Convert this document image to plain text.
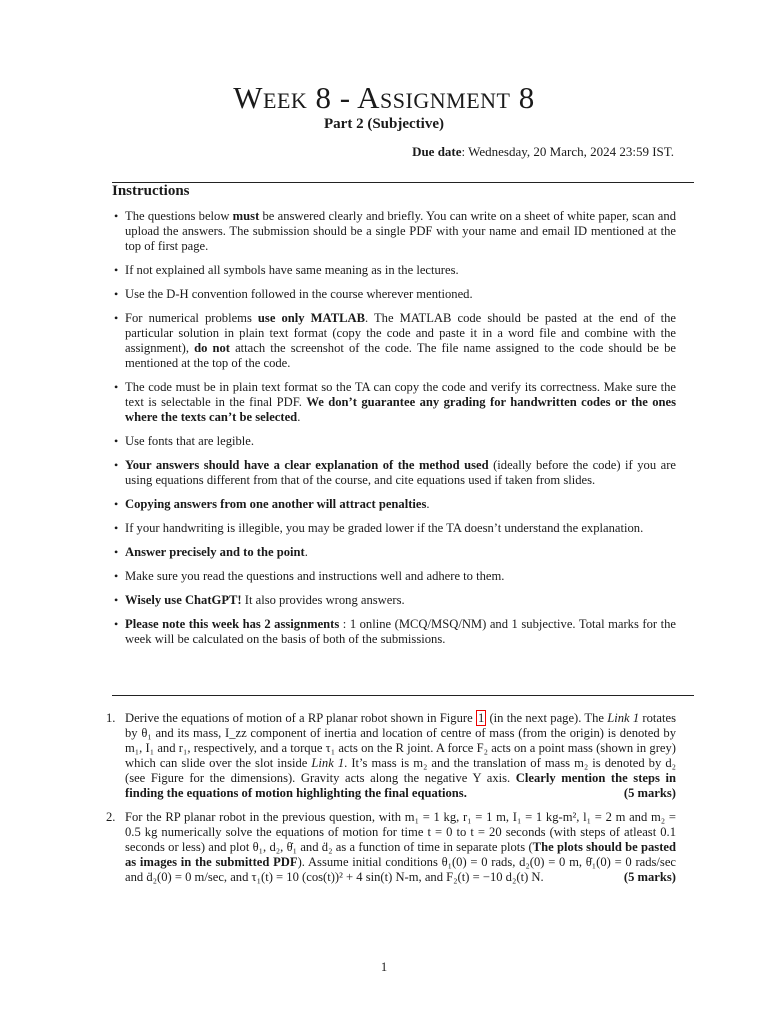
Week 8 - Assignment 8
Part 2 (Subjective)
Due date: Wednesday, 20 March, 2024 23:59 IST.
Instructions
• The questions below must be answered clearly and briefly. You can write on a sheet of white paper, scan and upload the answers. The submission should be a single PDF with your name and email ID mentioned at the top of first page.
• If not explained all symbols have same meaning as in the lectures.
• Use the D-H convention followed in the course wherever mentioned.
• For numerical problems use only MATLAB. The MATLAB code should be pasted at the end of the particular solution in plain text format (copy the code and paste it in a word file and combine with the assignment), do not attach the screenshot of the code. The file name assigned to the code should be be mentioned at the top of the code.
• The code must be in plain text format so the TA can copy the code and verify its correctness. Make sure the text is selectable in the final PDF. We don’t guarantee any grading for handwritten codes or the ones where the texts can’t be selected.
• Use fonts that are legible.
• Your answers should have a clear explanation of the method used (ideally before the code) if you are using equations different from that of the course, and cite equations used if taken from slides.
• Copying answers from one another will attract penalties.
• If your handwriting is illegible, you may be graded lower if the TA doesn’t understand the explanation.
• Answer precisely and to the point.
• Make sure you read the questions and instructions well and adhere to them.
• Wisely use ChatGPT! It also provides wrong answers.
• Please note this week has 2 assignments : 1 online (MCQ/MSQ/NM) and 1 subjective. Total marks for the week will be calculated on the basis of both of the submissions.
1. Derive the equations of motion of a RP planar robot shown in Figure 1 (in the next page). The Link 1 rotates by θ₁ and its mass, I_zz component of inertia and location of centre of mass (from the origin) is denoted by m₁, I₁ and r₁, respectively, and a torque τ₁ acts on the R joint. A force F₂ acts on a point mass (shown in grey) which can slide over the slot inside Link 1. It’s mass is m₂ and the translation of mass m₂ is denoted by d₂ (see Figure for the dimensions). Gravity acts along the negative Y axis. Clearly mention the steps in finding the equations of motion highlighting the final equations.	(5 marks)
2. For the RP planar robot in the previous question, with m₁ = 1 kg, r₁ = 1 m, I₁ = 1 kg-m², l₁ = 2 m and m₂ = 0.5 kg numerically solve the equations of motion for time t = 0 to t = 20 seconds (with steps of atleast 0.1 seconds or less) and plot θ₁, d₂, θ̇₁ and ḋ₂ as a function of time in separate plots (The plots should be pasted as images in the submitted PDF). Assume initial conditions θ₁(0) = 0 rads, d₂(0) = 0 m, θ̇₁(0) = 0 rads/sec and ḋ₂(0) = 0 m/sec, and τ₁(t) = 10 (cos(t))² + 4 sin(t) N-m, and F₂(t) = −10 d₂(t) N.	(5 marks)
1
